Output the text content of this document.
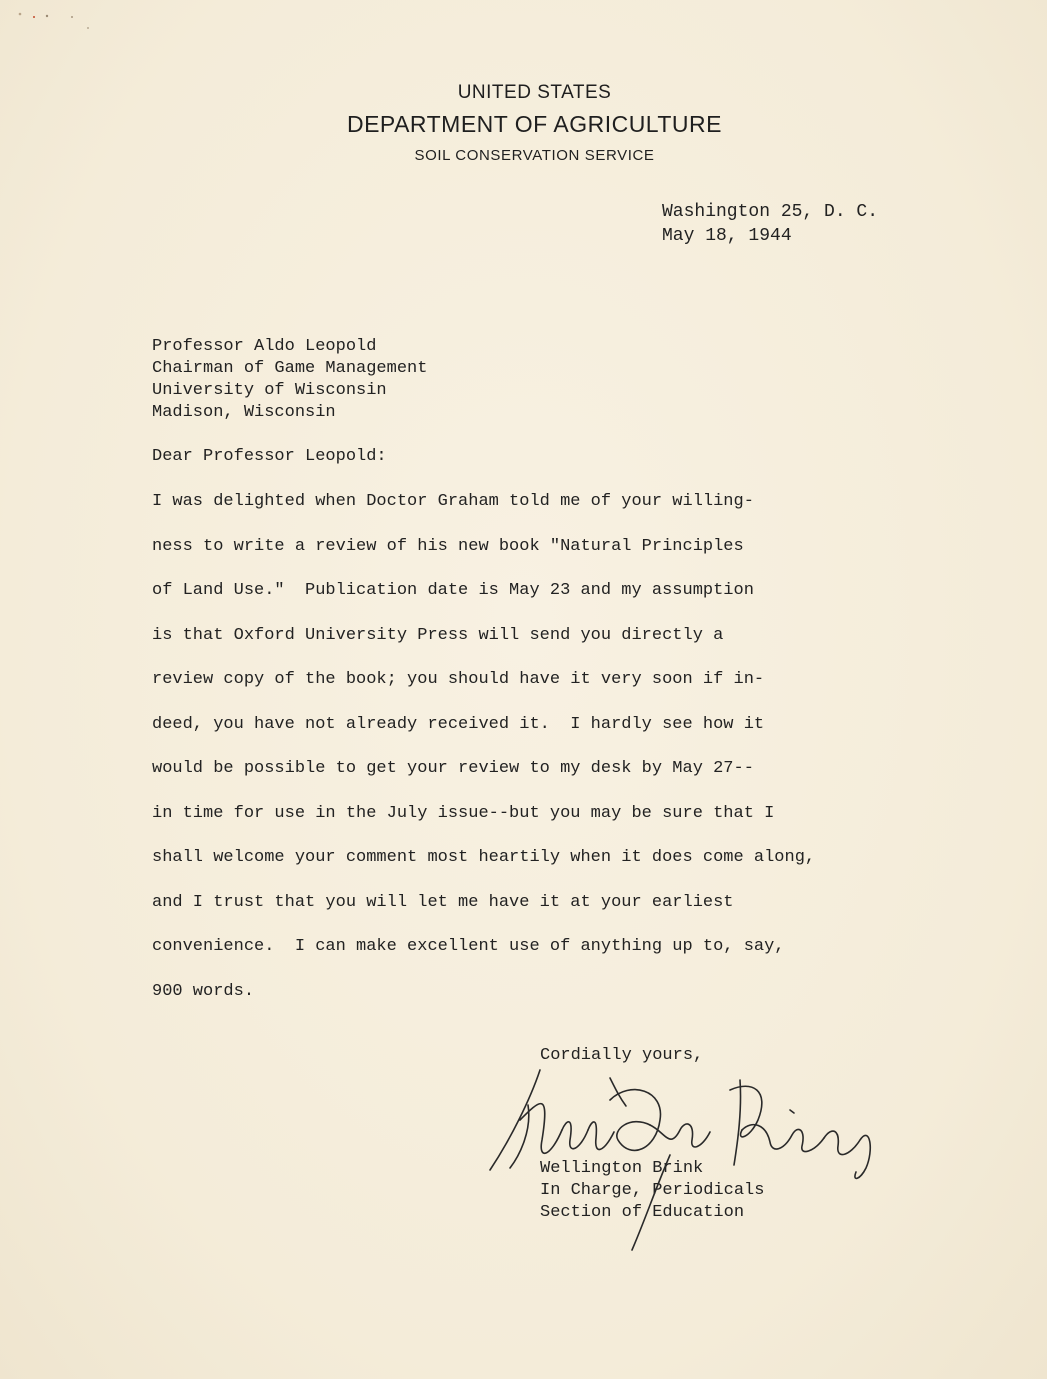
UNITED STATES
DEPARTMENT OF AGRICULTURE
SOIL CONSERVATION SERVICE
Washington 25, D. C.
May 18, 1944
Professor Aldo Leopold
Chairman of Game Management
University of Wisconsin
Madison, Wisconsin
Dear Professor Leopold:
I was delighted when Doctor Graham told me of your willing-
ness to write a review of his new book "Natural Principles
of Land Use."  Publication date is May 23 and my assumption
is that Oxford University Press will send you directly a
review copy of the book; you should have it very soon if in-
deed, you have not already received it.  I hardly see how it
would be possible to get your review to my desk by May 27--
in time for use in the July issue--but you may be sure that I
shall welcome your comment most heartily when it does come along,
and I trust that you will let me have it at your earliest
convenience.  I can make excellent use of anything up to, say,
900 words.
Cordially yours,
Wellington Brink
In Charge, Periodicals
Section of Education
